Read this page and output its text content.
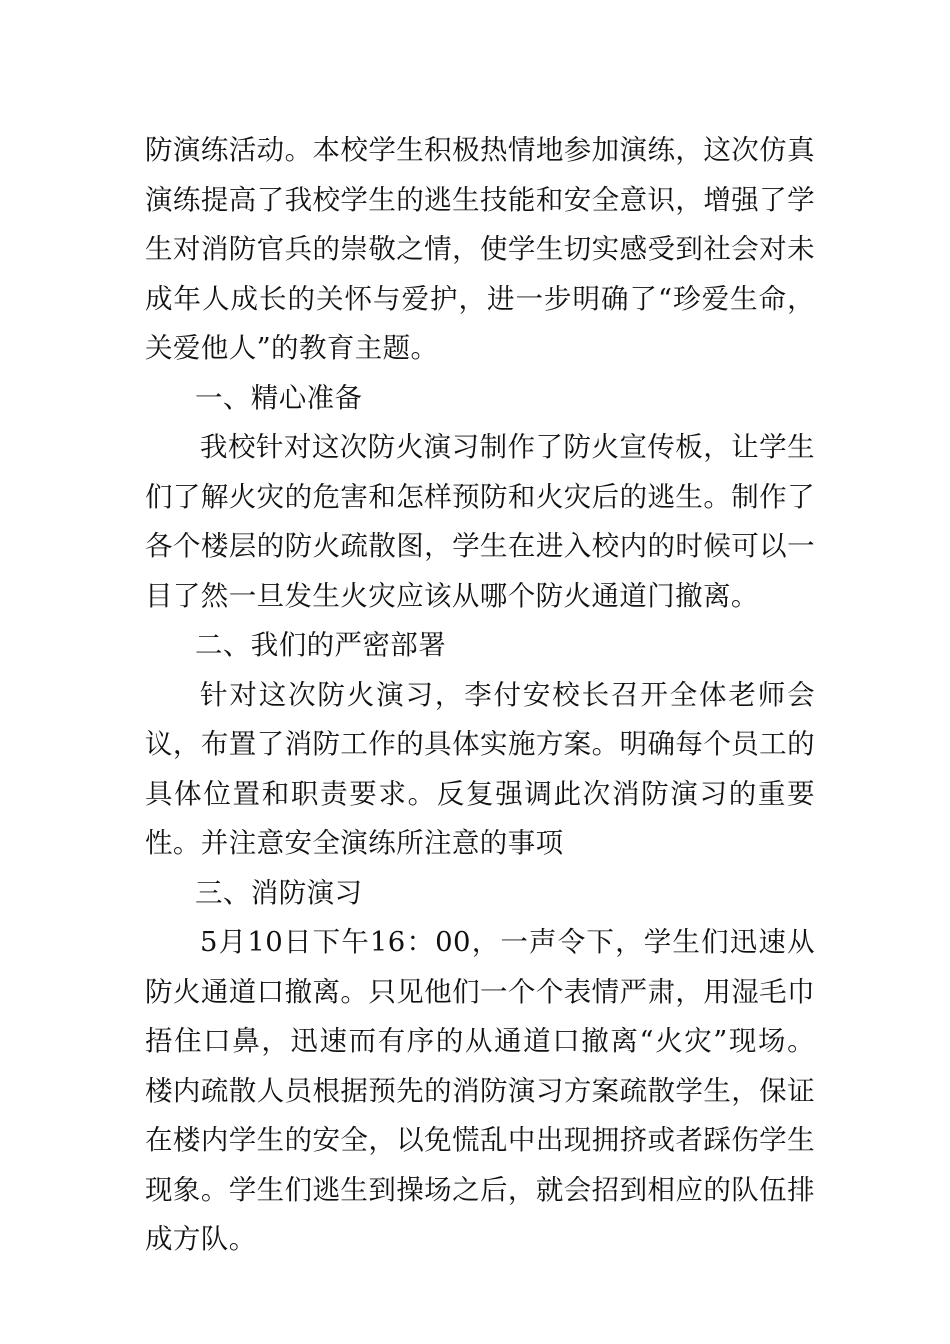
防演练活动。本校学生积极热情地参加演练，这次仿真演练提高了我校学生的逃生技能和安全意识，增强了学生对消防官兵的崇敬之情，使学生切实感受到社会对未成年人成长的关怀与爱护，进一步明确了“珍爱生命，关爱他人”的教育主题。

一、精心准备

我校针对这次防火演习制作了防火宣传板，让学生们了解火灾的危害和怎样预防和火灾后的逃生。制作了各个楼层的防火疏散图，学生在进入校内的时候可以一目了然一旦发生火灾应该从哪个防火通道门撤离。

二、我们的严密部署

针对这次防火演习，李付安校长召开全体老师会议，布置了消防工作的具体实施方案。明确每个员工的具体位置和职责要求。反复强调此次消防演习的重要性。并注意安全演练所注意的事项

三、消防演习

5月10日下午16：00，一声令下，学生们迅速从防火通道口撤离。只见他们一个个表情严肃，用湿毛巾捂住口鼻，迅速而有序的从通道口撤离“火灾”现场。楼内疏散人员根据预先的消防演习方案疏散学生，保证在楼内学生的安全，以免慌乱中出现拥挤或者踩伤学生现象。学生们逃生到操场之后，就会招到相应的队伍排成方队。
